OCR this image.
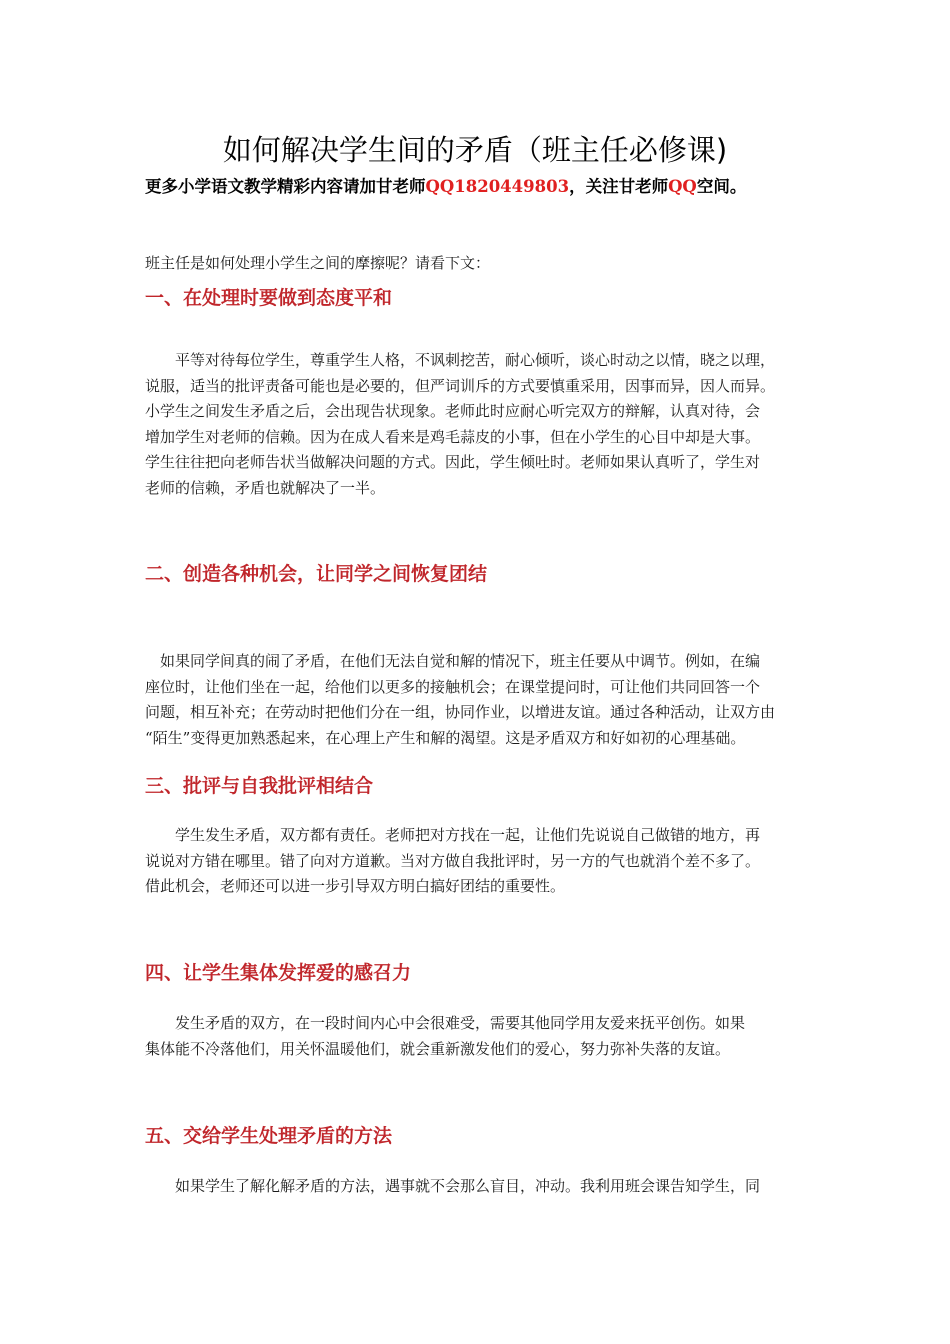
如何解决学生间的矛盾（班主任必修课)
更多小学语文教学精彩内容请加甘老师QQ1820449803，关注甘老师QQ空间。
班主任是如何处理小学生之间的摩擦呢？请看下文：
一、在处理时要做到态度平和
　　平等对待每位学生，尊重学生人格，不讽刺挖苦，耐心倾听，谈心时动之以情，晓之以理，
说服，适当的批评责备可能也是必要的，但严词训斥的方式要慎重采用，因事而异，因人而异。
小学生之间发生矛盾之后，会出现告状现象。老师此时应耐心听完双方的辩解，认真对待，会
增加学生对老师的信赖。因为在成人看来是鸡毛蒜皮的小事，但在小学生的心目中却是大事。
学生往往把向老师告状当做解决问题的方式。因此，学生倾吐时。老师如果认真听了，学生对
老师的信赖，矛盾也就解决了一半。
二、创造各种机会，让同学之间恢复团结
　如果同学间真的闹了矛盾，在他们无法自觉和解的情况下，班主任要从中调节。例如，在编
座位时，让他们坐在一起，给他们以更多的接触机会；在课堂提问时，可让他们共同回答一个
问题，相互补充；在劳动时把他们分在一组，协同作业，以增进友谊。通过各种活动，让双方由
“陌生”变得更加熟悉起来，在心理上产生和解的渴望。这是矛盾双方和好如初的心理基础。
三、批评与自我批评相结合
　　学生发生矛盾，双方都有责任。老师把对方找在一起，让他们先说说自己做错的地方，再
说说对方错在哪里。错了向对方道歉。当对方做自我批评时，另一方的气也就消个差不多了。
借此机会，老师还可以进一步引导双方明白搞好团结的重要性。
四、让学生集体发挥爱的感召力
　　发生矛盾的双方，在一段时间内心中会很难受，需要其他同学用友爱来抚平创伤。如果
集体能不冷落他们，用关怀温暖他们，就会重新激发他们的爱心，努力弥补失落的友谊。
五、交给学生处理矛盾的方法
　　如果学生了解化解矛盾的方法，遇事就不会那么盲目，冲动。我利用班会课告知学生，同
